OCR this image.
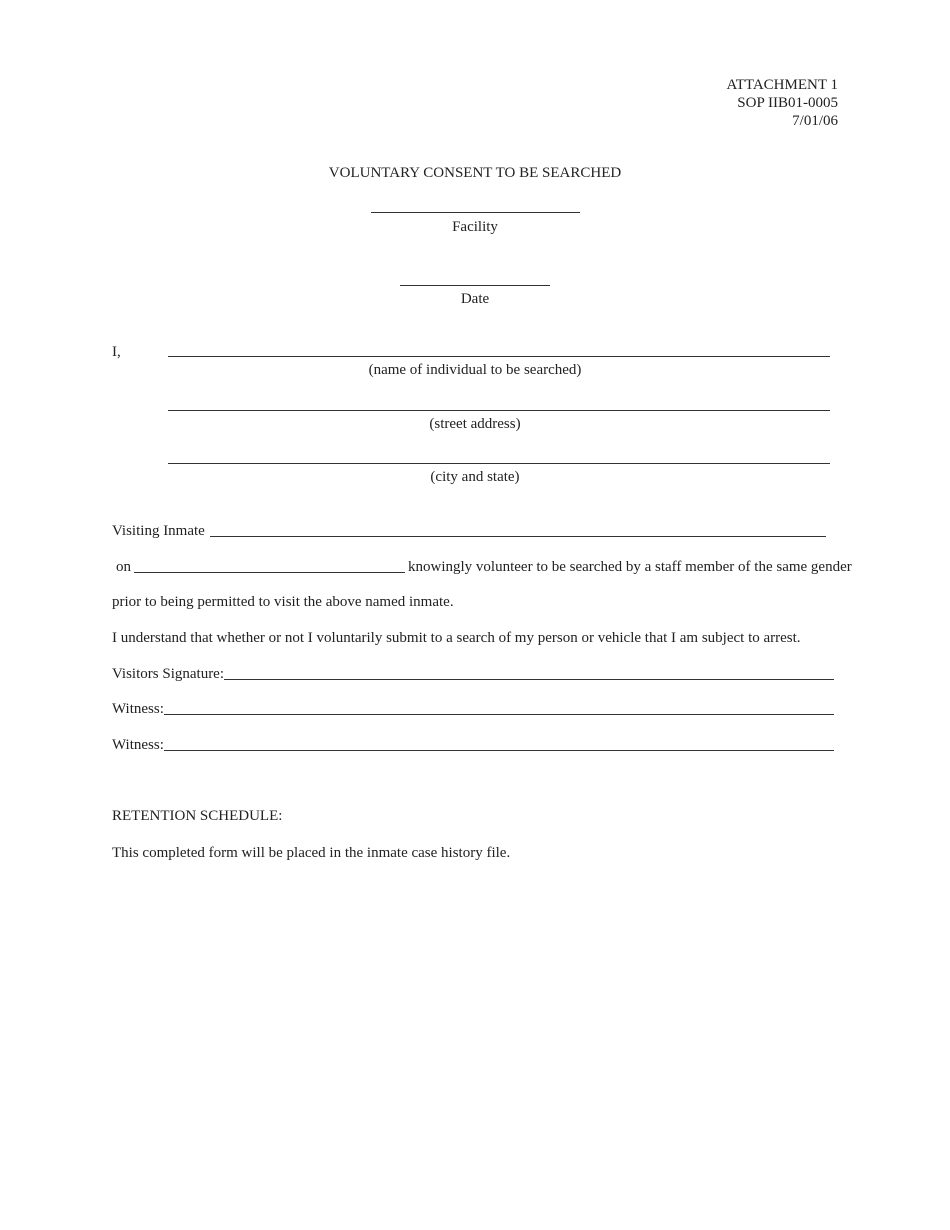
ATTACHMENT 1
SOP IIB01-0005
7/01/06
VOLUNTARY CONSENT TO BE SEARCHED
Facility
Date
I,
(name of individual to be searched)
(street address)
(city and state)
Visiting Inmate
on	knowingly volunteer to be searched by a staff member of the same gender
prior to being permitted to visit the above named inmate.
I understand that whether or not I voluntarily submit to a search of my person or vehicle that I am subject to arrest.
Visitors Signature:
Witness:
Witness:
RETENTION SCHEDULE:
This completed form will be placed in the inmate case history file.
